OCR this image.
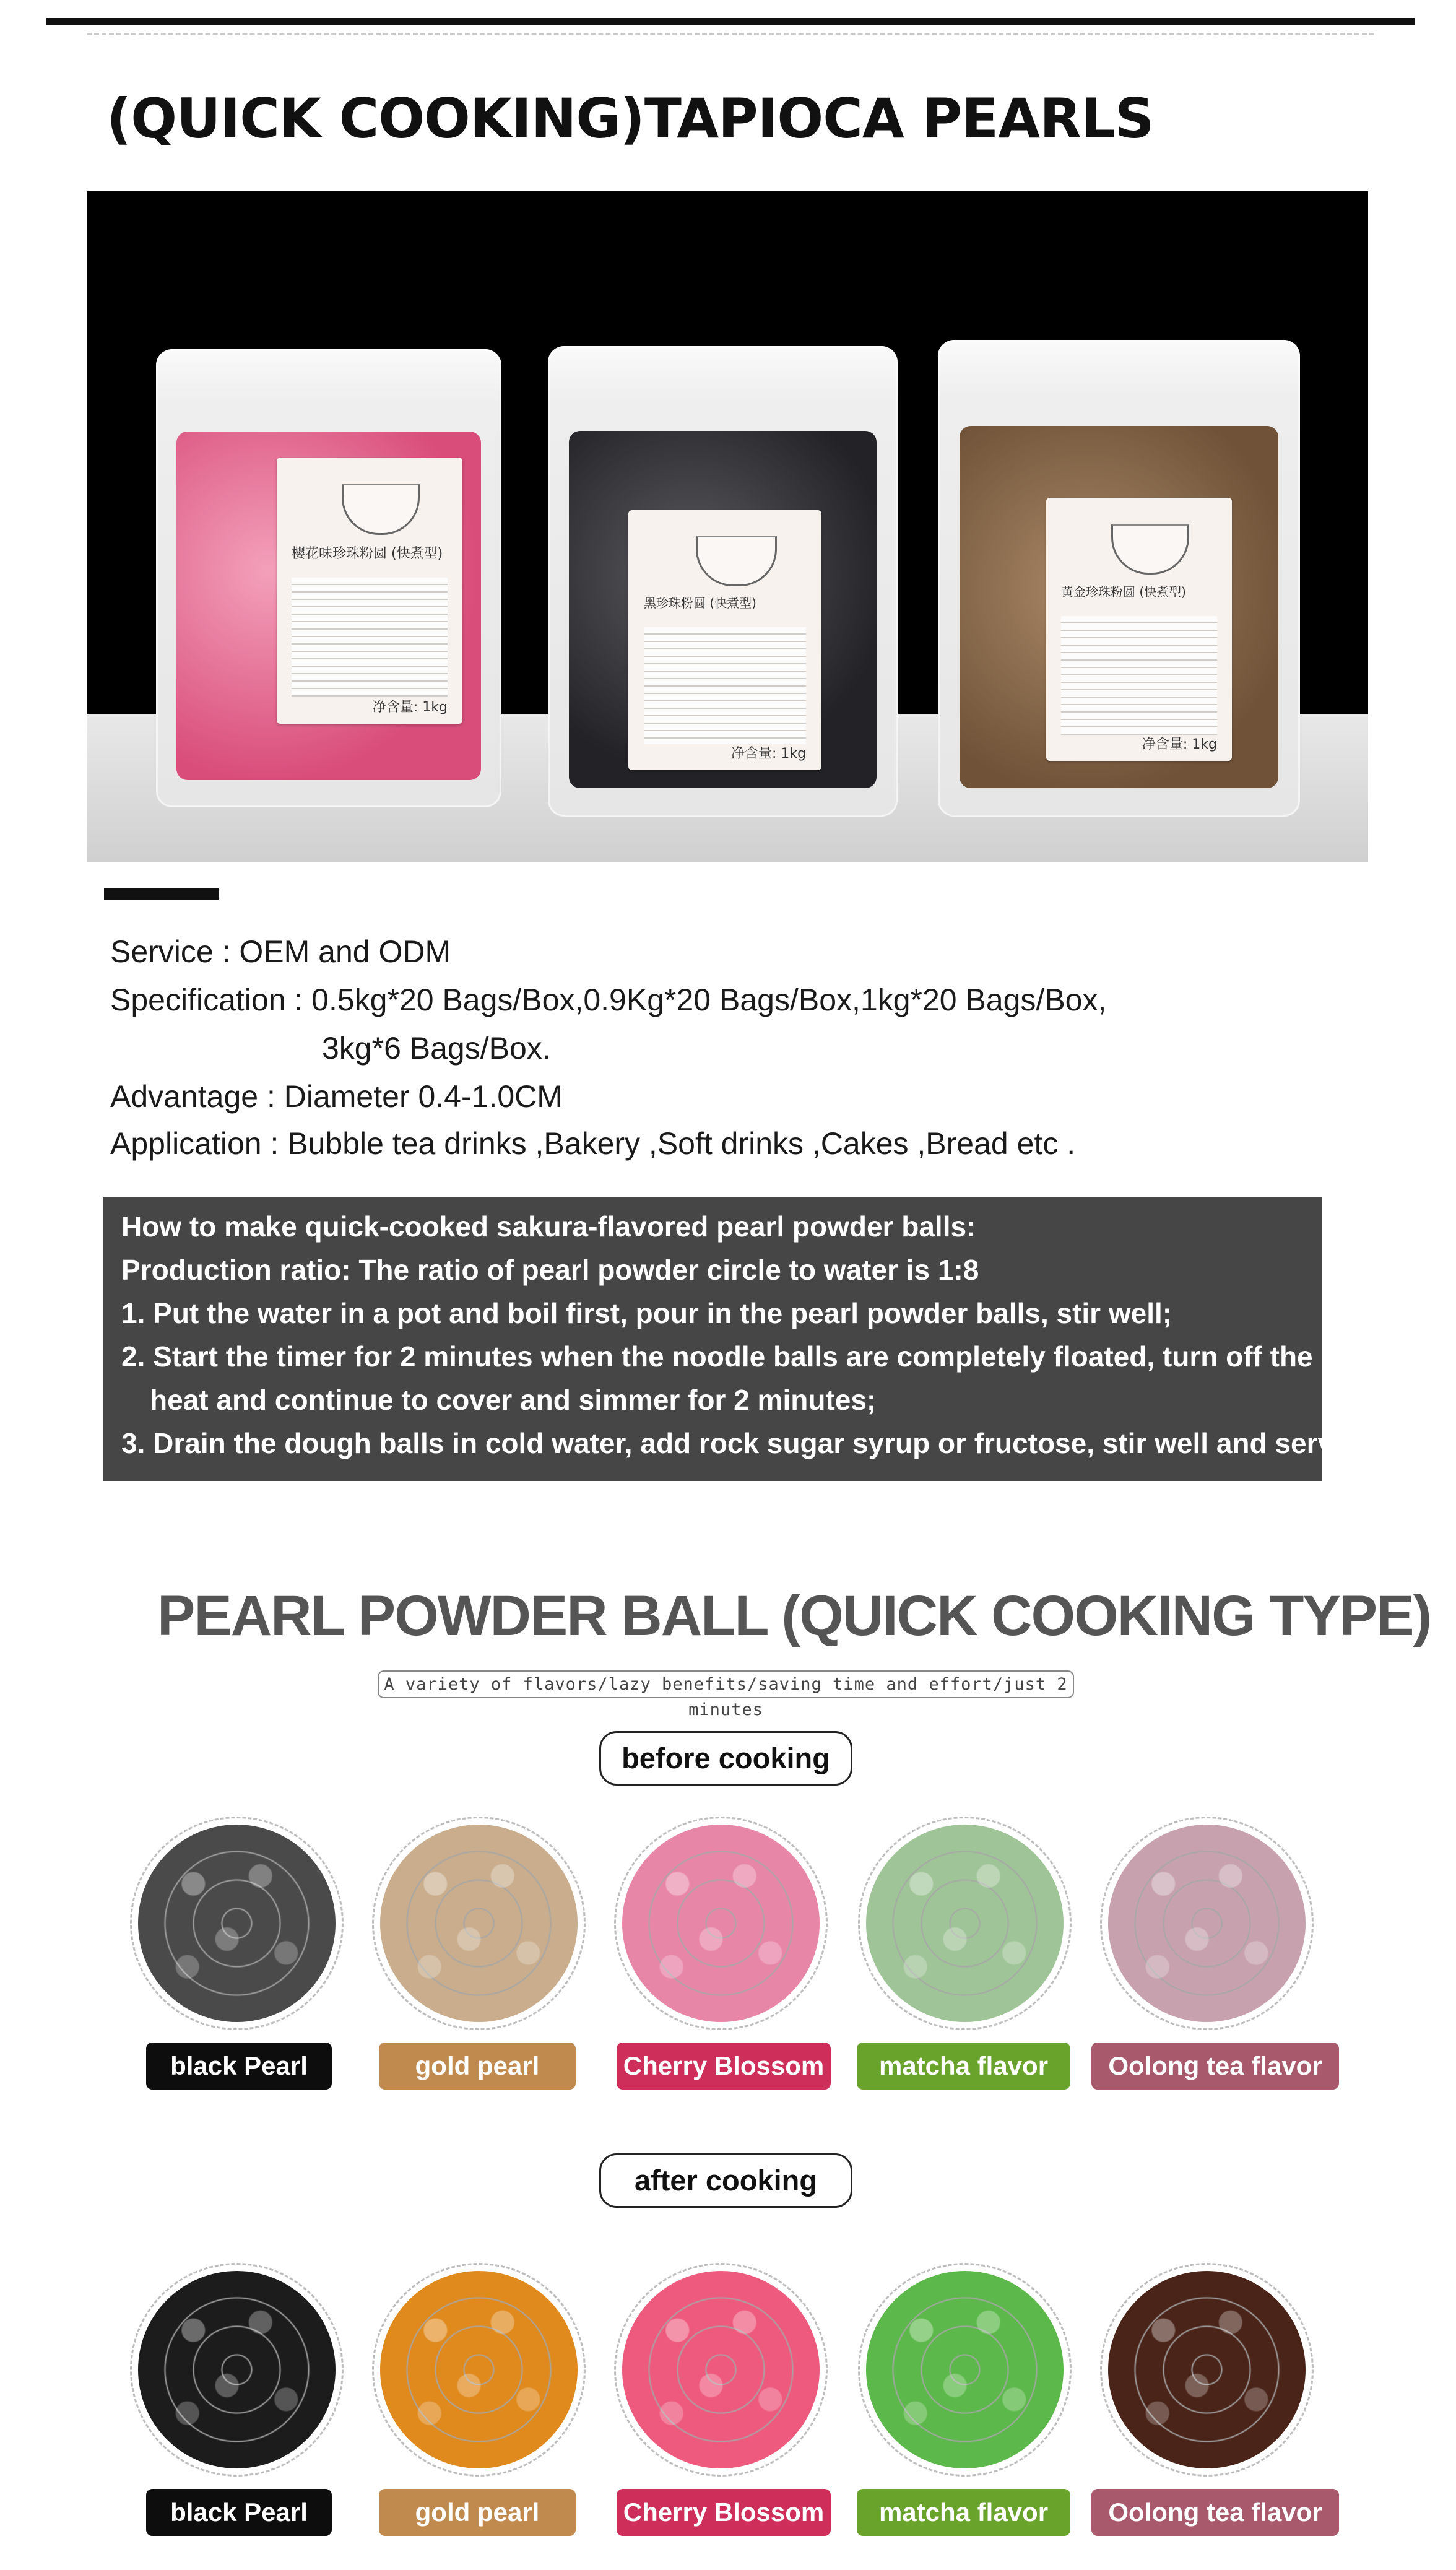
(QUICK COOKING)TAPIOCA PEARLS
樱花味珍珠粉圆 (快煮型)
净含量: 1kg
黑珍珠粉圆 (快煮型)
净含量: 1kg
黄金珍珠粉圆 (快煮型)
净含量: 1kg
Service : OEM and ODM
Specification : 0.5kg*20 Bags/Box,0.9Kg*20 Bags/Box,1kg*20 Bags/Box,
3kg*6 Bags/Box.
Advantage : Diameter 0.4-1.0CM
Application : Bubble tea drinks ,Bakery ,Soft drinks ,Cakes ,Bread etc .
How to make quick-cooked sakura-flavored pearl powder balls:
Production ratio: The ratio of pearl powder circle to water is 1:8
1. Put the water in a pot and boil first, pour in the pearl powder balls, stir well;
2. Start the timer for 2 minutes when the noodle balls are completely floated, turn off the
heat and continue to cover and simmer for 2 minutes;
3. Drain the dough balls in cold water, add rock sugar syrup or fructose, stir well and serve.
PEARL POWDER BALL (QUICK COOKING TYPE)
A variety of flavors/lazy benefits/saving time and effort/just 2 minutes
before cooking
black Pearl	gold pearl	Cherry Blossom	matcha flavor	Oolong tea flavor
after cooking
black Pearl	gold pearl	Cherry Blossom	matcha flavor	Oolong tea flavor
